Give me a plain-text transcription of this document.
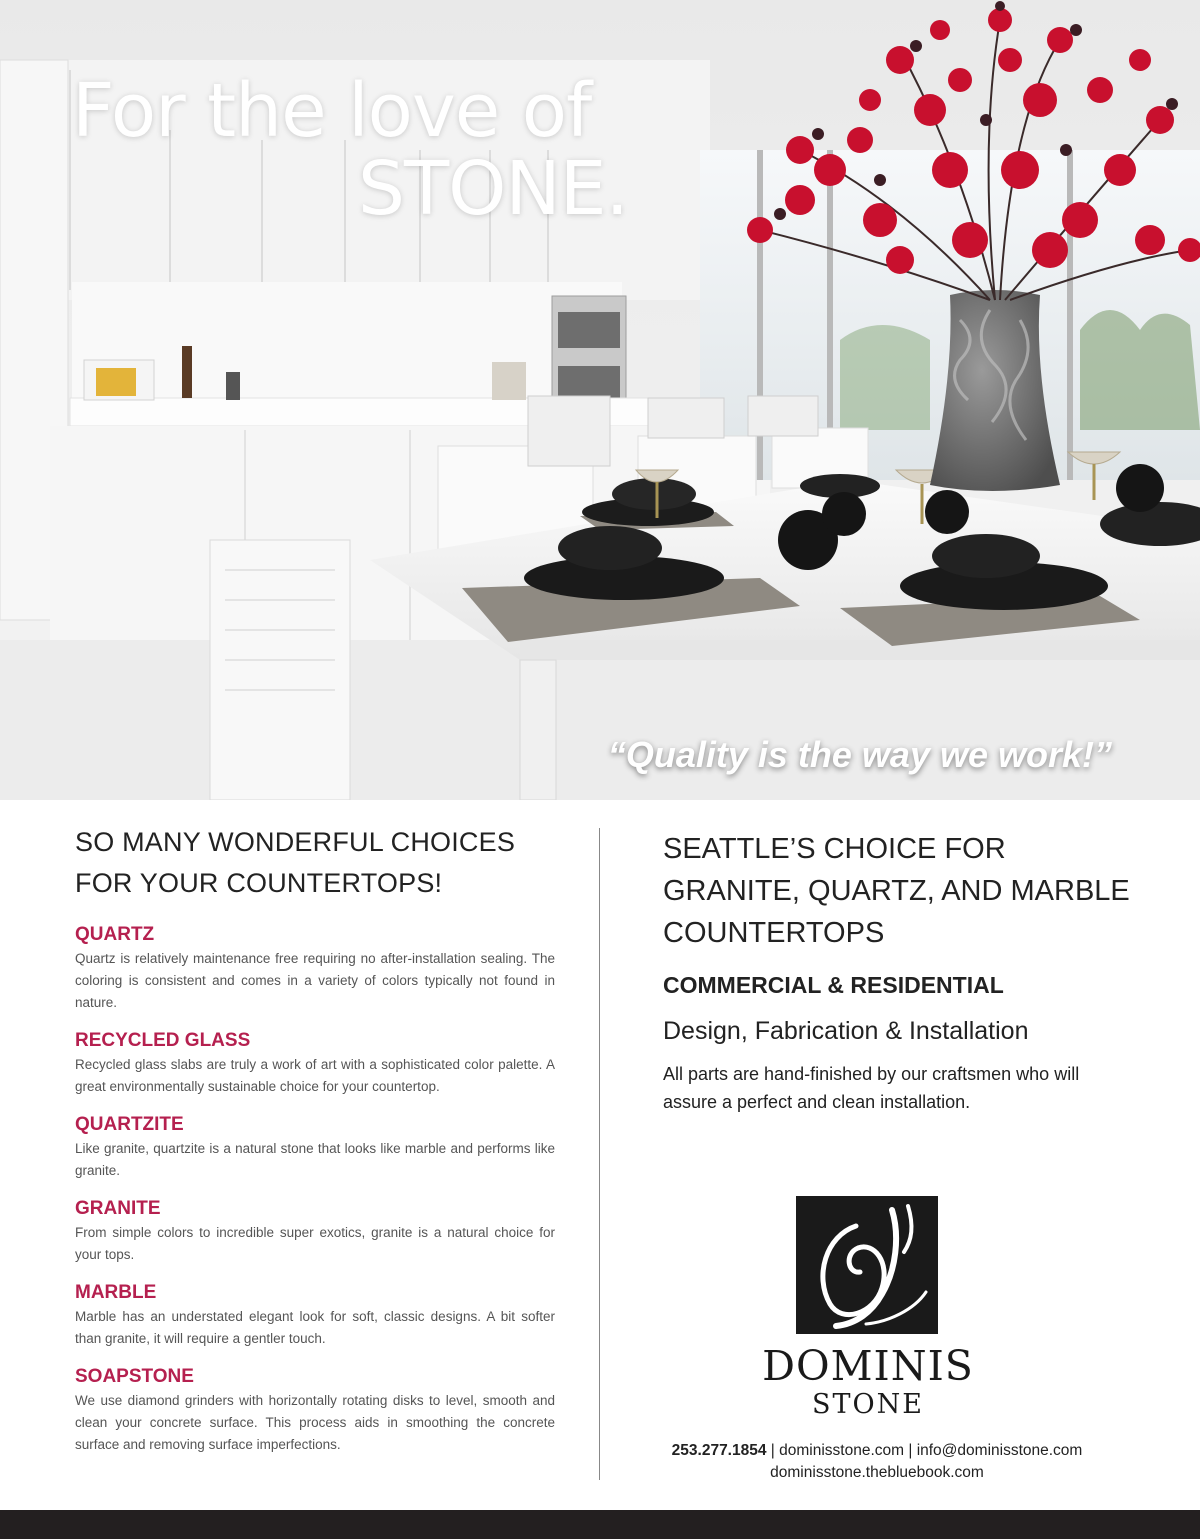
For the love of
STONE.
“Quality is the way we work!”
SO MANY WONDERFUL CHOICES
FOR YOUR COUNTERTOPS!
QUARTZ

Quartz is relatively maintenance free requiring no after-installation sealing. The coloring is consistent and comes in a variety of colors typically not found in nature.

RECYCLED GLASS

Recycled glass slabs are truly a work of art with a sophisticated color palette. A great environmentally sustainable choice for your countertop.

QUARTZITE

Like granite, quartzite is a natural stone that looks like marble and performs like granite.

GRANITE

From simple colors to incredible super exotics, granite is a natural choice for your tops.

MARBLE

Marble has an understated elegant look for soft, classic designs. A bit softer than granite, it will require a gentler touch.

SOAPSTONE

We use diamond grinders with horizontally rotating disks to level, smooth and clean your concrete surface. This process aids in smoothing the concrete surface and removing surface imperfections.

SEATTLE’S CHOICE FOR
GRANITE, QUARTZ, AND MARBLE
COUNTERTOPS
COMMERCIAL & RESIDENTIAL
Design, Fabrication & Installation
All parts are hand-finished by our craftsmen who will assure a perfect and clean installation.
DOMINIS
STONE
253.277.1854 | dominisstone.com | info@dominisstone.com
dominisstone.thebluebook.com
